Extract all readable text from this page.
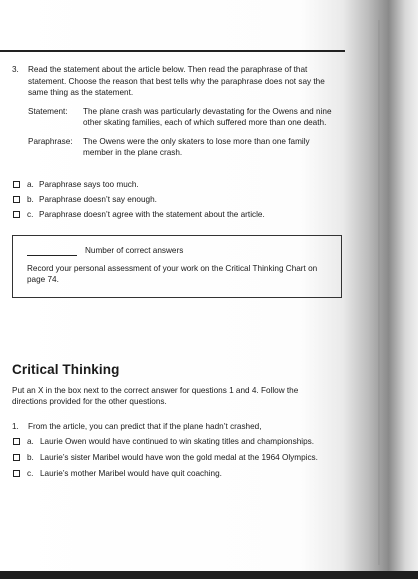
3. Read the statement about the article below. Then read the paraphrase of that statement. Choose the reason that best tells why the paraphrase does not say the same thing as the statement.
Statement:	The plane crash was particularly devastating for the Owens and nine other skating families, each of which suffered more than one death.
Paraphrase:	The Owens were the only skaters to lose more than one family member in the plane crash.
a. Paraphrase says too much.
b. Paraphrase doesn’t say enough.
c. Paraphrase doesn’t agree with the statement about the article.
Number of correct answers
Record your personal assessment of your work on the Critical Thinking Chart on page 74.
Critical Thinking
Put an X in the box next to the correct answer for questions 1 and 4. Follow the directions provided for the other questions.
1. From the article, you can predict that if the plane hadn’t crashed,
a. Laurie Owen would have continued to win skating titles and championships.
b. Laurie’s sister Maribel would have won the gold medal at the 1964 Olympics.
c. Laurie’s mother Maribel would have quit coaching.
